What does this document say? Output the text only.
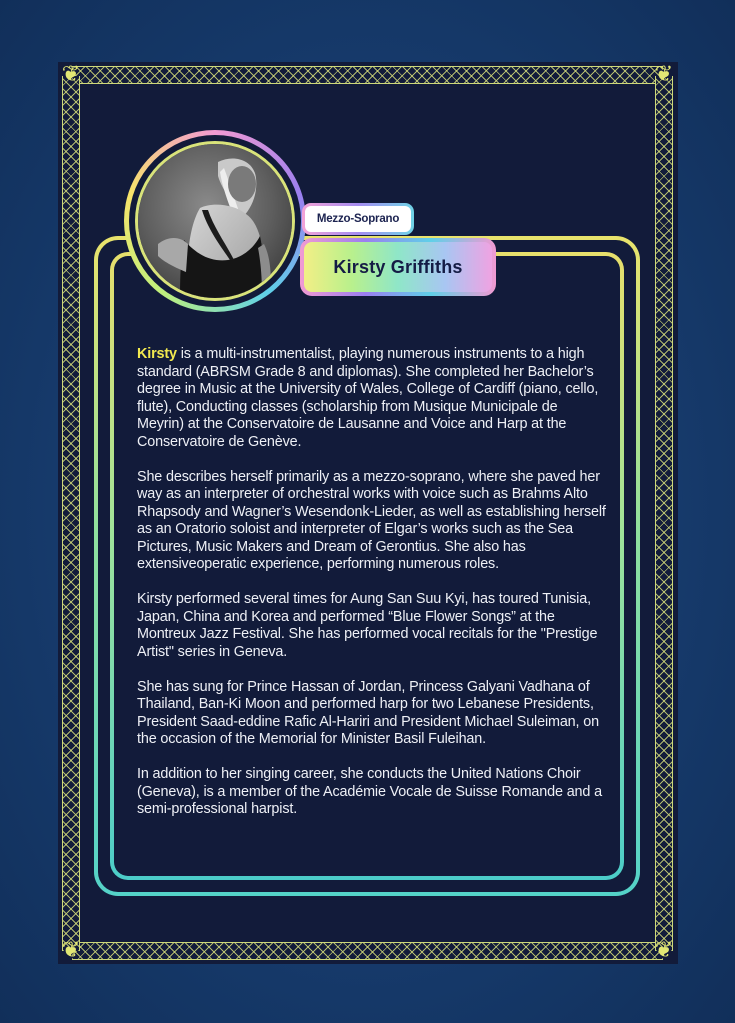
❦	❦
❦	❦
Mezzo-Soprano
Kirsty Griffiths

Kirsty is a multi-instrumentalist, playing numerous instruments to a high standard (ABRSM Grade 8 and diplomas). She completed her Bachelor’s degree in Music at the University of Wales, College of Cardiff (piano, cello, flute), Conducting classes (scholarship from Musique Municipale de Meyrin) at the Conservatoire de Lausanne and Voice and Harp at the Conservatoire de Genève.

She describes herself primarily as a mezzo-soprano, where she paved her way as an interpreter of orchestral works with voice such as Brahms Alto Rhapsody and Wagner’s Wesendonk-Lieder, as well as establishing herself as an Oratorio soloist and interpreter of Elgar’s works such as the Sea Pictures, Music Makers and Dream of Gerontius. She also has extensiveoperatic experience, performing numerous roles.

Kirsty performed several times for Aung San Suu Kyi, has toured Tunisia, Japan, China and Korea and performed “Blue Flower Songs” at the Montreux Jazz Festival. She has performed vocal recitals for the "Prestige Artist" series in Geneva.

She has sung for Prince Hassan of Jordan, Princess Galyani Vadhana of Thailand, Ban-Ki Moon and performed harp for two Lebanese Presidents, President Saad-eddine Rafic Al-Hariri and President Michael Suleiman, on the occasion of the Memorial for Minister Basil Fuleihan.

In addition to her singing career, she conducts the United Nations Choir (Geneva), is a member of the Académie Vocale de Suisse Romande and a semi-professional harpist.
